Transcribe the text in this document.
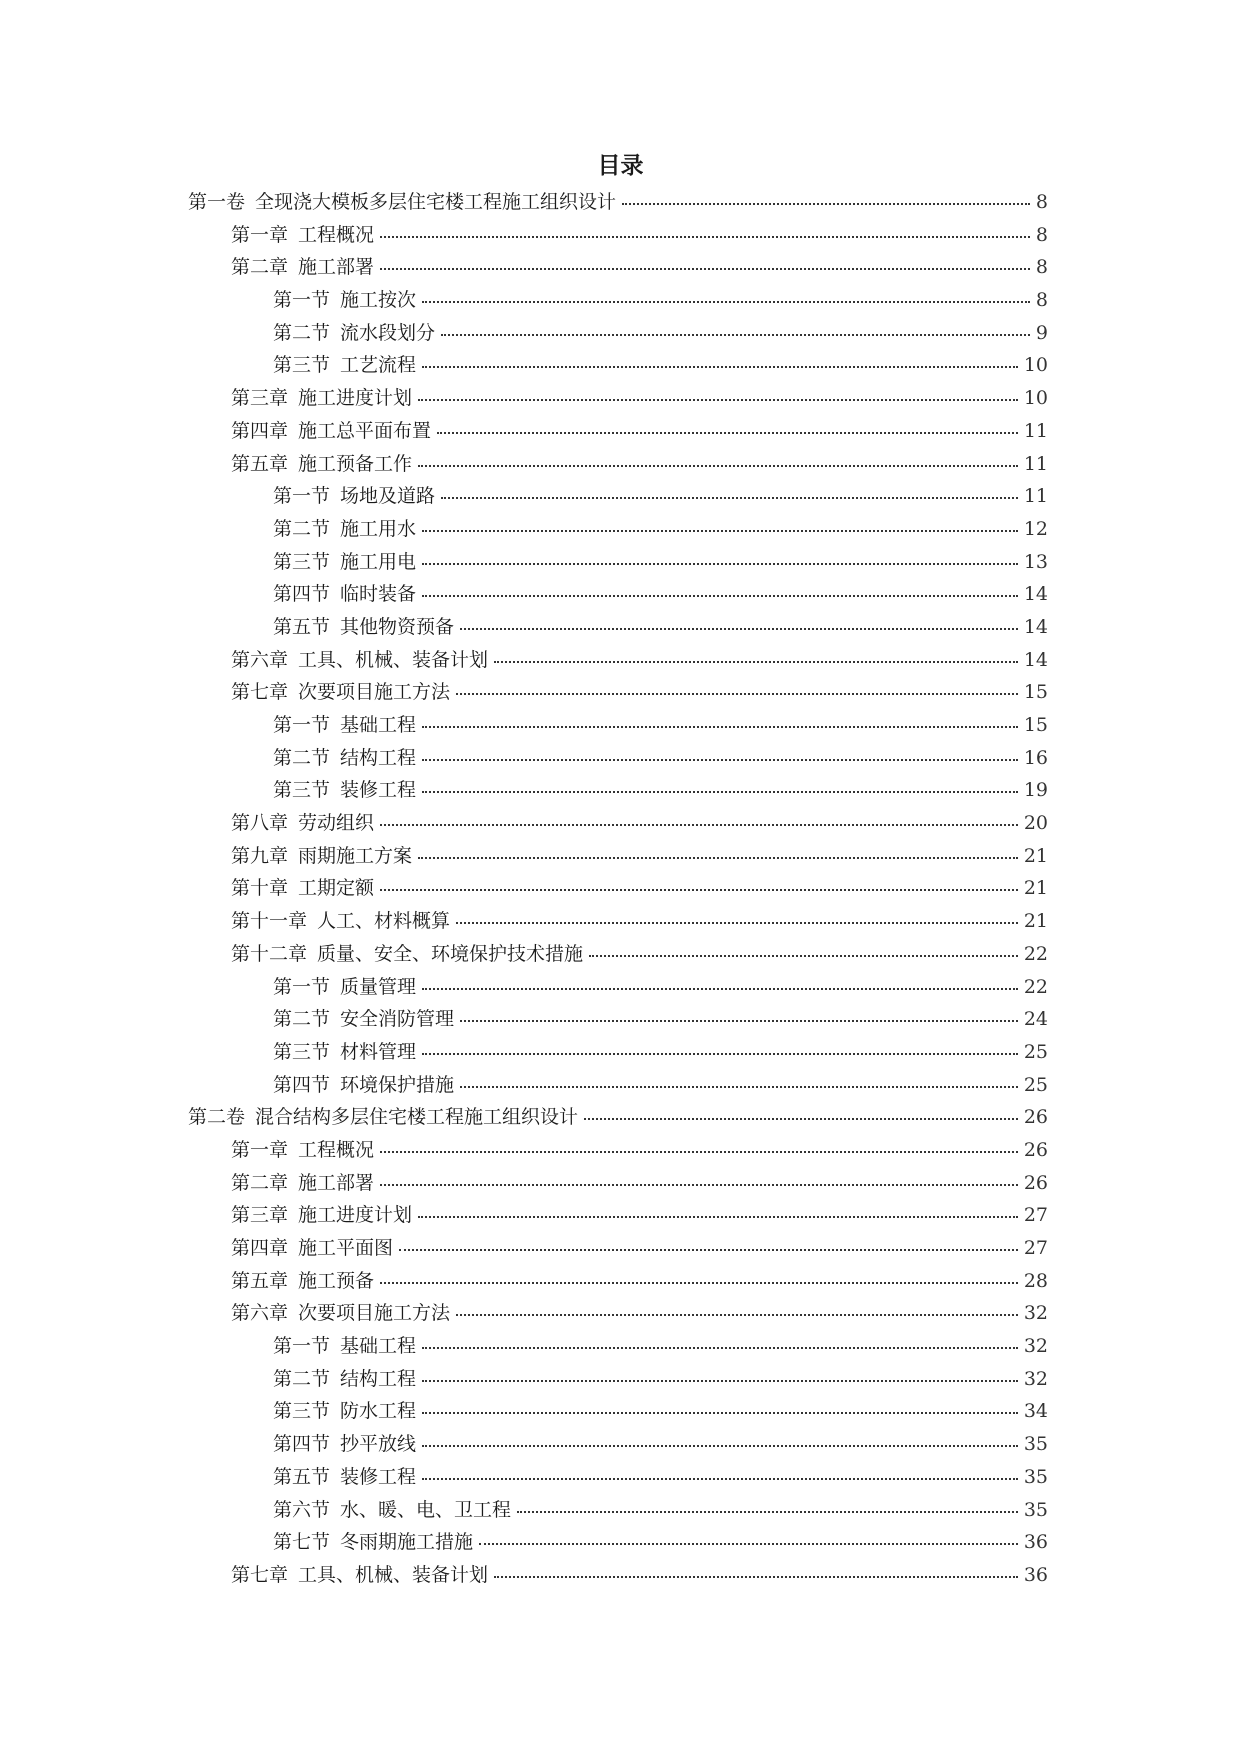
目录
第一卷 全现浇大模板多层住宅楼工程施工组织设计	8
第一章 工程概况	8
第二章 施工部署	8
第一节 施工按次	8
第二节 流水段划分	9
第三节 工艺流程	10
第三章 施工进度计划	10
第四章 施工总平面布置	11
第五章 施工预备工作	11
第一节 场地及道路	11
第二节 施工用水	12
第三节 施工用电	13
第四节 临时装备	14
第五节 其他物资预备	14
第六章 工具、机械、装备计划	14
第七章 次要项目施工方法	15
第一节 基础工程	15
第二节 结构工程	16
第三节 装修工程	19
第八章 劳动组织	20
第九章 雨期施工方案	21
第十章 工期定额	21
第十一章 人工、材料概算	21
第十二章 质量、安全、环境保护技术措施	22
第一节 质量管理	22
第二节 安全消防管理	24
第三节 材料管理	25
第四节 环境保护措施	25
第二卷 混合结构多层住宅楼工程施工组织设计	26
第一章 工程概况	26
第二章 施工部署	26
第三章 施工进度计划	27
第四章 施工平面图	27
第五章 施工预备	28
第六章 次要项目施工方法	32
第一节 基础工程	32
第二节 结构工程	32
第三节 防水工程	34
第四节 抄平放线	35
第五节 装修工程	35
第六节 水、暖、电、卫工程	35
第七节 冬雨期施工措施	36
第七章 工具、机械、装备计划	36
